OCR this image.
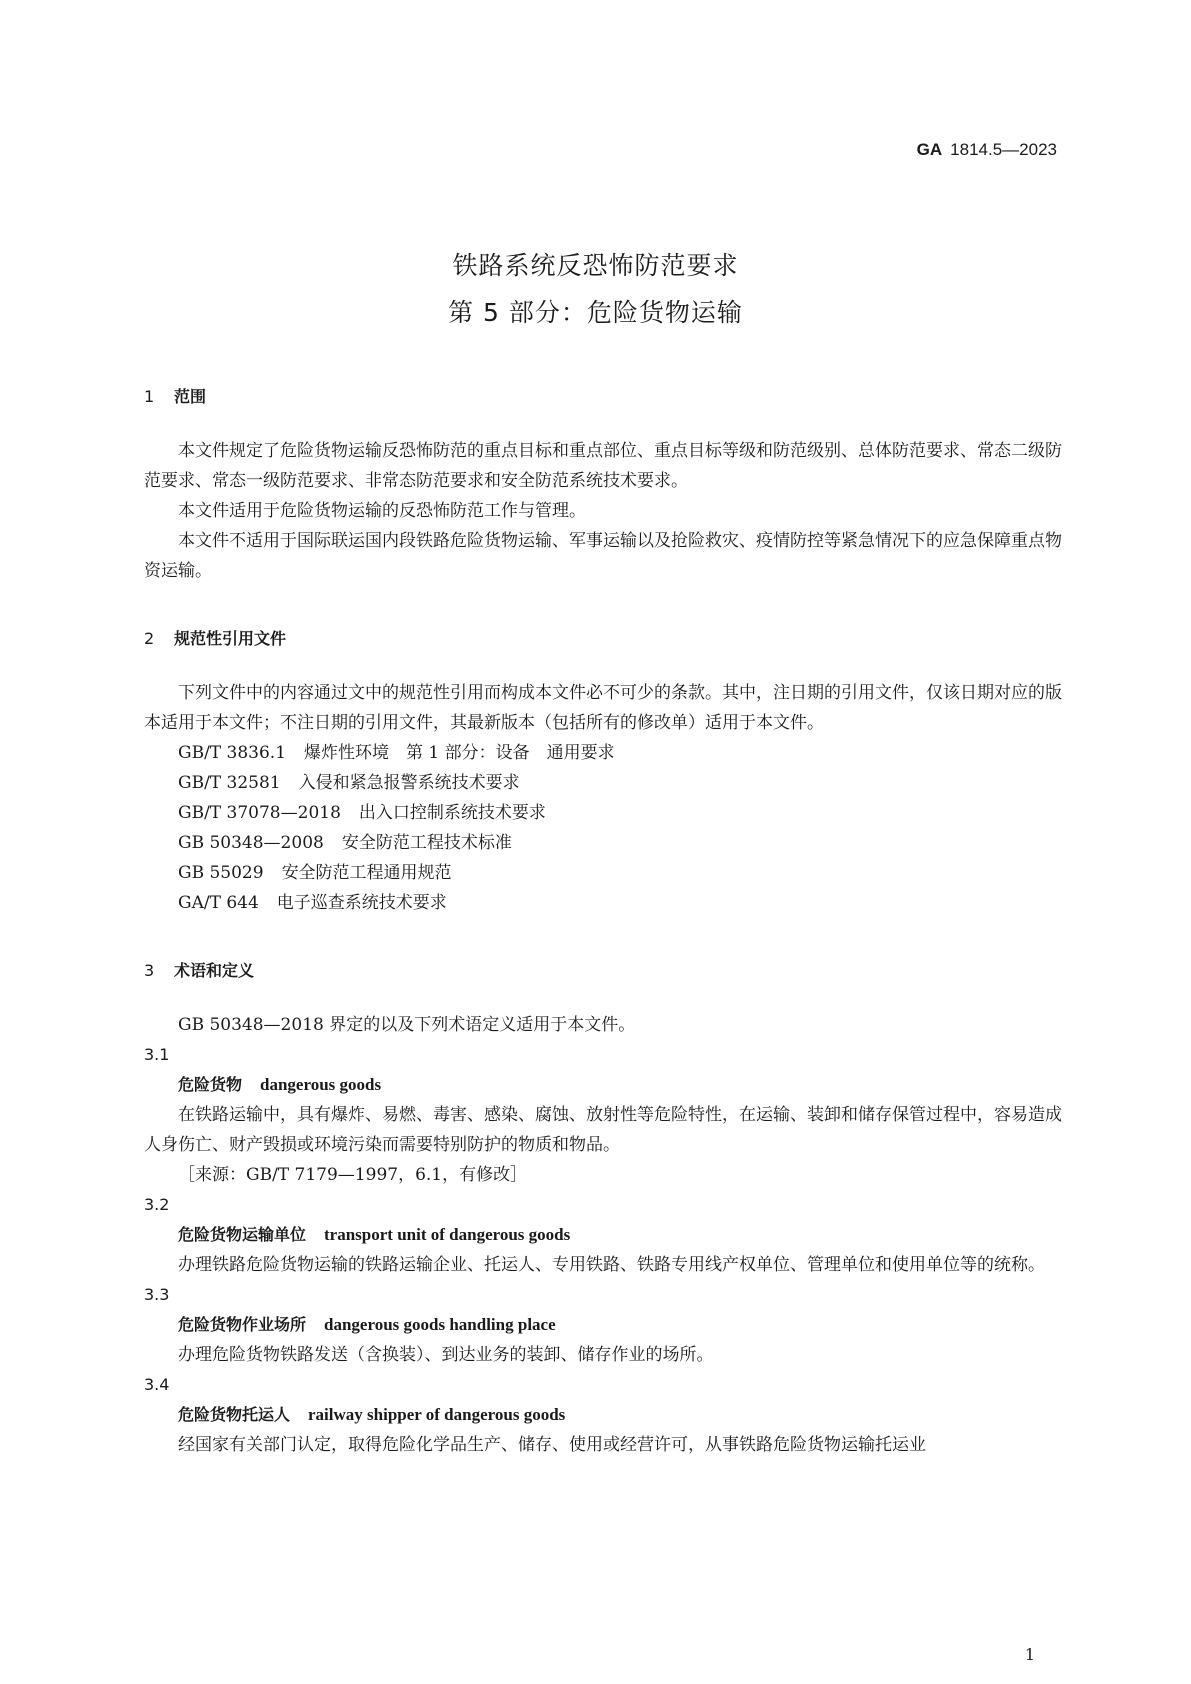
GA 1814.5—2023
铁路系统反恐怖防范要求
第 5 部分：危险货物运输
1 范围
本文件规定了危险货物运输反恐怖防范的重点目标和重点部位、重点目标等级和防范级别、总体防范要求、常态二级防范要求、常态一级防范要求、非常态防范要求和安全防范系统技术要求。
本文件适用于危险货物运输的反恐怖防范工作与管理。
本文件不适用于国际联运国内段铁路危险货物运输、军事运输以及抢险救灾、疫情防控等紧急情况下的应急保障重点物资运输。
2 规范性引用文件
下列文件中的内容通过文中的规范性引用而构成本文件必不可少的条款。其中，注日期的引用文件，仅该日期对应的版本适用于本文件；不注日期的引用文件，其最新版本（包括所有的修改单）适用于本文件。
GB/T 3836.1 爆炸性环境　第 1 部分：设备　通用要求
GB/T 32581 入侵和紧急报警系统技术要求
GB/T 37078—2018 出入口控制系统技术要求
GB 50348—2008 安全防范工程技术标准
GB 55029 安全防范工程通用规范
GA/T 644 电子巡查系统技术要求
3 术语和定义
GB 50348—2018 界定的以及下列术语定义适用于本文件。
3.1
危险货物 dangerous goods
在铁路运输中，具有爆炸、易燃、毒害、感染、腐蚀、放射性等危险特性，在运输、装卸和储存保管过程中，容易造成人身伤亡、财产毁损或环境污染而需要特别防护的物质和物品。
［来源：GB/T 7179—1997，6.1，有修改］
3.2
危险货物运输单位 transport unit of dangerous goods
办理铁路危险货物运输的铁路运输企业、托运人、专用铁路、铁路专用线产权单位、管理单位和使用单位等的统称。
3.3
危险货物作业场所 dangerous goods handling place
办理危险货物铁路发送（含换装）、到达业务的装卸、储存作业的场所。
3.4
危险货物托运人 railway shipper of dangerous goods
经国家有关部门认定，取得危险化学品生产、储存、使用或经营许可，从事铁路危险货物运输托运业
1
